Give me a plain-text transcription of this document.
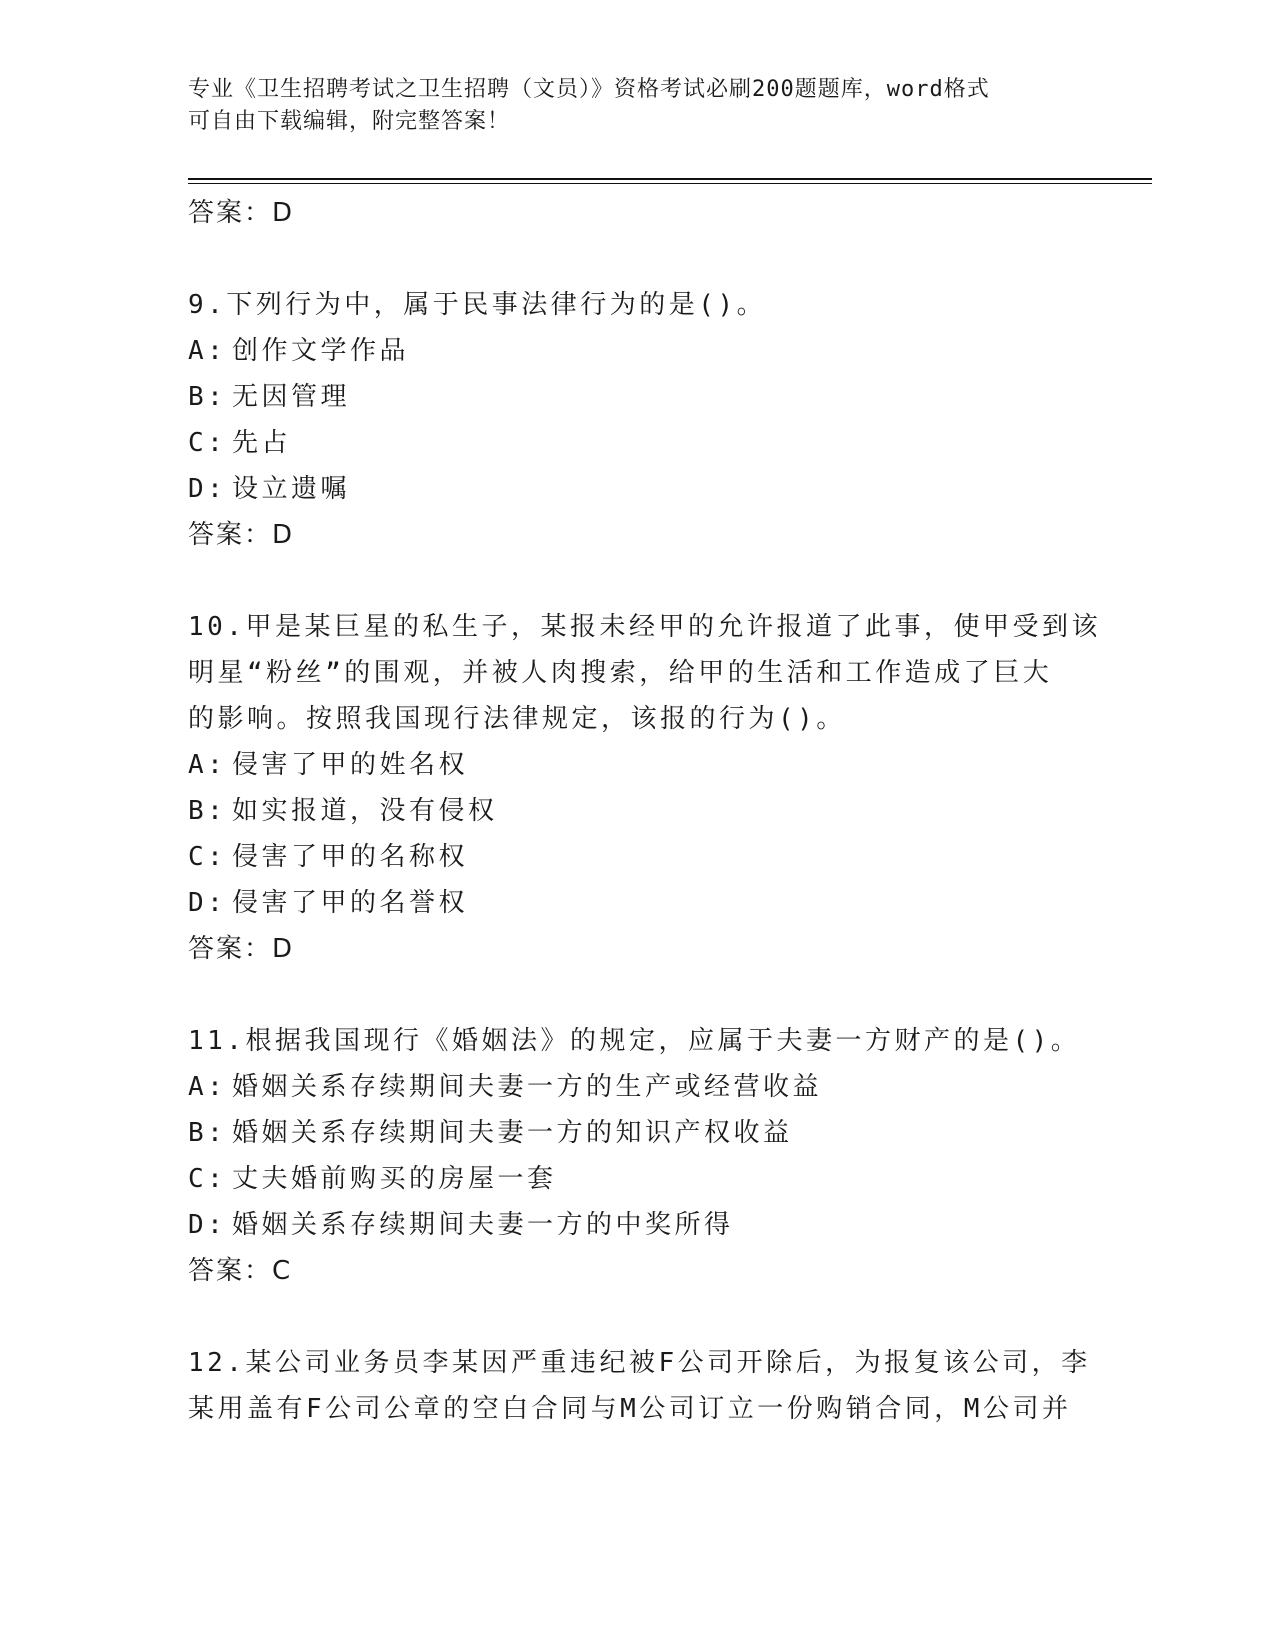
专业《卫生招聘考试之卫生招聘（文员）》资格考试必刷200题题库，word格式
可自由下载编辑，附完整答案！
答案：D
9.下列行为中，属于民事法律行为的是()。
A: 创作文学作品
B: 无因管理
C: 先占
D: 设立遗嘱
答案：D
10.甲是某巨星的私生子，某报未经甲的允许报道了此事，使甲受到该
明星“粉丝”的围观，并被人肉搜索，给甲的生活和工作造成了巨大
的影响。按照我国现行法律规定，该报的行为()。
A: 侵害了甲的姓名权
B: 如实报道，没有侵权
C: 侵害了甲的名称权
D: 侵害了甲的名誉权
答案：D
11.根据我国现行《婚姻法》的规定，应属于夫妻一方财产的是()。
A: 婚姻关系存续期间夫妻一方的生产或经营收益
B: 婚姻关系存续期间夫妻一方的知识产权收益
C: 丈夫婚前购买的房屋一套
D: 婚姻关系存续期间夫妻一方的中奖所得
答案：C
12.某公司业务员李某因严重违纪被F公司开除后，为报复该公司，李
某用盖有F公司公章的空白合同与M公司订立一份购销合同，M公司并
